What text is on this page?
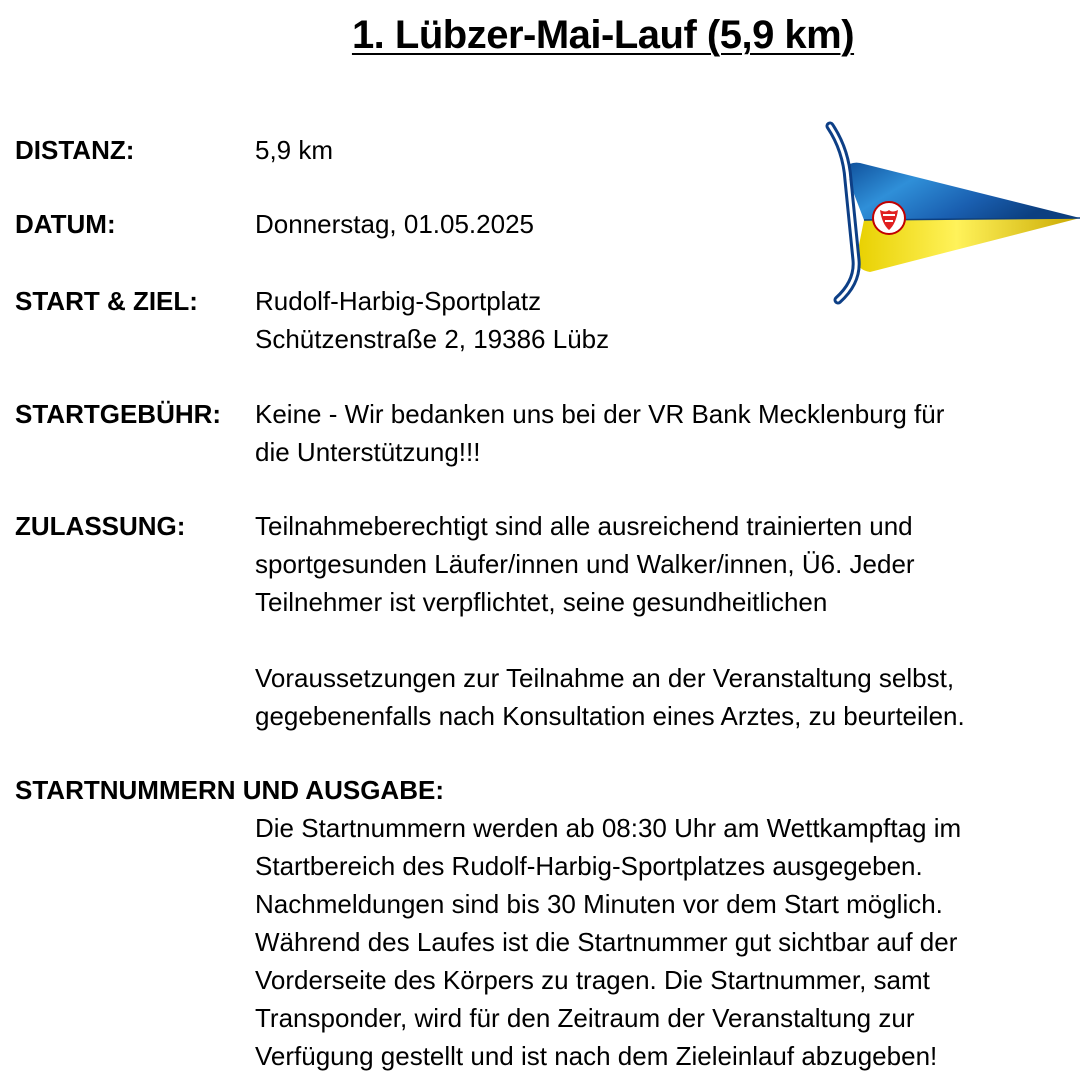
1. Lübzer-Mai-Lauf (5,9 km)
DISTANZ:	5,9 km
DATUM:	Donnerstag, 01.05.2025
START & ZIEL: Rudolf-Harbig-Sportplatz
Schützenstraße 2, 19386 Lübz
STARTGEBÜHR: Keine - Wir bedanken uns bei der VR Bank Mecklenburg für
die Unterstützung!!!
ZULASSUNG:	Teilnahmeberechtigt sind alle ausreichend trainierten und
sportgesunden Läufer/innen und Walker/innen, Ü6. Jeder
Teilnehmer ist verpflichtet, seine gesundheitlichen
Voraussetzungen zur Teilnahme an der Veranstaltung selbst,
gegebenenfalls nach Konsultation eines Arztes, zu beurteilen.
STARTNUMMERN UND AUSGABE:
Die Startnummern werden ab 08:30 Uhr am Wettkampftag im
Startbereich des Rudolf-Harbig-Sportplatzes ausgegeben.
Nachmeldungen sind bis 30 Minuten vor dem Start möglich.
Während des Laufes ist die Startnummer gut sichtbar auf der
Vorderseite des Körpers zu tragen. Die Startnummer, samt
Transponder, wird für den Zeitraum der Veranstaltung zur
Verfügung gestellt und ist nach dem Zieleinlauf abzugeben!
